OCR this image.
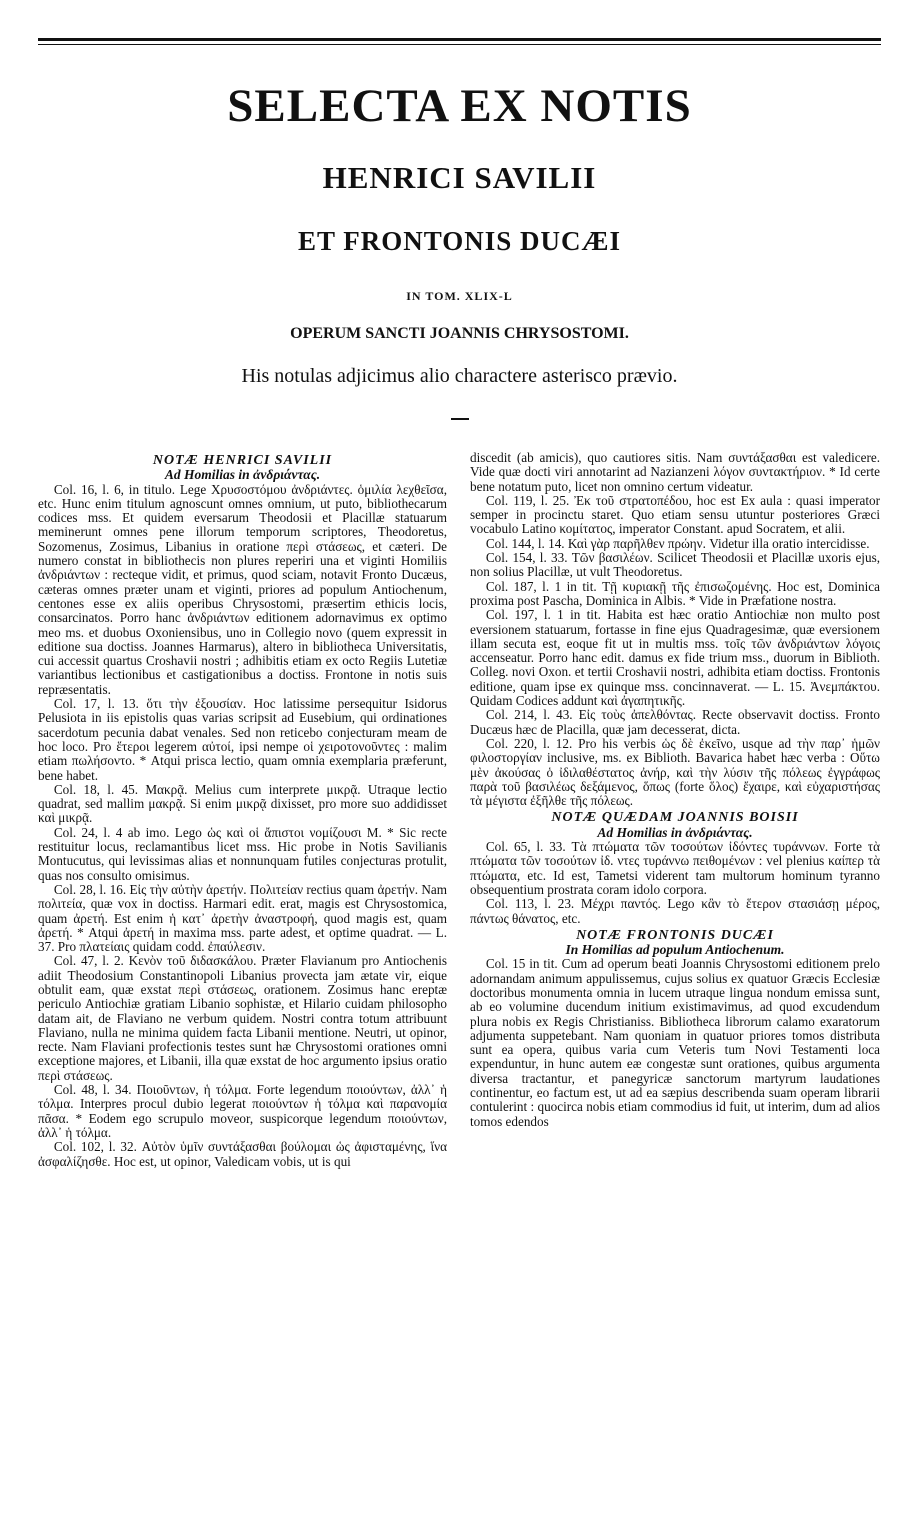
SELECTA EX NOTIS
HENRICI SAVILII
ET FRONTONIS DUCÆI
IN TOM. XLIX-L
OPERUM SANCTI JOANNIS CHRYSOSTOMI.
His notulas adjicimus alio charactere asterisco prævio.
NOTÆ HENRICI SAVILII
Ad Homilias in ἀνδριάντας.

Col. 16, l. 6, in titulo. Lege Χρυσοστόμου ἀνδριάντες. ὁμιλία λεχθεῖσα, etc. Hunc enim titulum agnoscunt omnes omnium, ut puto, bibliothecarum codices mss. Et quidem eversarum Theodosii et Placillæ statuarum meminerunt omnes pene illorum temporum scriptores, Theodoretus, Sozomenus, Zosimus, Libanius in oratione περὶ στάσεως, et cæteri. De numero constat in bibliothecis non plures reperiri una et viginti Homiliis ἀνδριάντων : recteque vidit, et primus, quod sciam, notavit Fronto Ducæus, cæteras omnes præter unam et viginti, priores ad populum Antiochenum, centones esse ex aliis operibus Chrysostomi, præsertim ethicis locis, consarcinatos. Porro hanc ἀνδριάντων editionem adornavimus ex optimo meo ms. et duobus Oxoniensibus, uno in Collegio novo (quem expressit in editione sua doctiss. Joannes Harmarus), altero in bibliotheca Universitatis, cui accessit quartus Croshavii nostri ; adhibitis etiam ex octo Regiis Lutetiæ variantibus lectionibus et castigationibus a doctiss. Frontone in notis suis repræsentatis.

Col. 17, l. 13. ὅτι τὴν ἐξουσίαν. Hoc latissime persequitur Isidorus Pelusiota in iis epistolis quas varias scripsit ad Eusebium, qui ordinationes sacerdotum pecunia dabat venales. Sed non reticebo conjecturam meam de hoc loco. Pro ἕτεροι legerem αὐτοί, ipsi nempe οἱ χειροτονοῦντες : malim etiam πωλήσοντο. * Atqui prisca lectio, quam omnia exemplaria præferunt, bene habet.

Col. 18, l. 45. Μακρᾷ. Melius cum interprete μικρᾷ. Utraque lectio quadrat, sed mallim μακρᾷ. Si enim μικρᾷ dixisset, pro more suo addidisset καὶ μικρᾷ.

Col. 24, l. 4 ab imo. Lego ὡς καὶ οἱ ἄπιστοι νομίζουσι M. * Sic recte restituitur locus, reclamantibus licet mss. Hic probe in Notis Savilianis Montucutus, qui levissimas alias et nonnunquam futiles conjecturas protulit, quas nos consulto omisimus.

Col. 28, l. 16. Εἰς τὴν αὐτὴν ἀρετήν. Πολιτείαν rectius quam ἀρετήν. Nam πολιτεία, quæ vox in doctiss. Harmari edit. erat, magis est Chrysostomica, quam ἀρετή. Est enim ἡ κατ᾽ ἀρετὴν ἀναστροφή, quod magis est, quam ἀρετή. * Atqui ἀρετή in maxima mss. parte adest, et optime quadrat. — L. 37. Pro πλατείαις quidam codd. ἐπαύλεσιν.

Col. 47, l. 2. Κενὸν τοῦ διδασκάλου. Præter Flavianum pro Antiochenis adiit Theodosium Constantinopoli Libanius provecta jam ætate vir, eique obtulit eam, quæ exstat περὶ στάσεως, orationem. Zosimus hanc ereptæ periculo Antiochiæ gratiam Libanio sophistæ, et Hilario cuidam philosopho datam ait, de Flaviano ne verbum quidem. Nostri contra totum attribuunt Flaviano, nulla ne minima quidem facta Libanii mentione. Neutri, ut opinor, recte. Nam Flaviani profectionis testes sunt hæ Chrysostomi orationes omni exceptione majores, et Libanii, illa quæ exstat de hoc argumento ipsius oratio περὶ στάσεως.

Col. 48, l. 34. Ποιοῦντων, ἡ τόλμα. Forte legendum ποιούντων, ἀλλ᾽ ἡ τόλμα. Interpres procul dubio legerat ποιούντων ἡ τόλμα καὶ παρανομία πᾶσα. * Eodem ego scrupulo moveor, suspicorque legendum ποιούντων, ἀλλ᾽ ἡ τόλμα.

Col. 102, l. 32. Αὐτὸν ὑμῖν συντάξασθαι βούλομαι ὡς ἀφισταμένης, ἵνα ἀσφαλίζησθε. Hoc est, ut opinor, Valedicam vobis, ut is qui

discedit (ab amicis), quo cautiores sitis. Nam συντάξασθαι est valedicere. Vide quæ docti viri annotarint ad Nazianzeni λόγον συντακτήριον. * Id certe bene notatum puto, licet non omnino certum videatur.

Col. 119, l. 25. Ἐκ τοῦ στρατοπέδου, hoc est Ex aula : quasi imperator semper in procinctu staret. Quo etiam sensu utuntur posteriores Græci vocabulo Latino κομίτατος, imperator Constant. apud Socratem, et alii.

Col. 144, l. 14. Καὶ γὰρ παρῆλθεν πρώην. Videtur illa oratio intercidisse.

Col. 154, l. 33. Τῶν βασιλέων. Scilicet Theodosii et Placillæ uxoris ejus, non solius Placillæ, ut vult Theodoretus.

Col. 187, l. 1 in tit. Τῇ κυριακῇ τῆς ἐπισωζομένης. Hoc est, Dominica proxima post Pascha, Dominica in Albis. * Vide in Præfatione nostra.

Col. 197, l. 1 in tit. Habita est hæc oratio Antiochiæ non multo post eversionem statuarum, fortasse in fine ejus Quadragesimæ, quæ eversionem illam secuta est, eoque fit ut in multis mss. τοῖς τῶν ἀνδριάντων λόγοις accenseatur. Porro hanc edit. damus ex fide trium mss., duorum in Biblioth. Colleg. novi Oxon. et tertii Croshavii nostri, adhibita etiam doctiss. Frontonis editione, quam ipse ex quinque mss. concinnaverat. — L. 15. Ἀνεμπάκτου. Quidam Codices addunt καὶ ἀγαπητικῆς.

Col. 214, l. 43. Εἰς τοὺς ἀπελθόντας. Recte observavit doctiss. Fronto Ducæus hæc de Placilla, quæ jam decesserat, dicta.

Col. 220, l. 12. Pro his verbis ὡς δὲ ἐκεῖνο, usque ad τὴν παρ᾽ ἡμῶν φιλοστοργίαν inclusive, ms. ex Biblioth. Bavarica habet hæc verba : Οὕτω μὲν ἀκούσας ὁ ἰδιλαθέστατος ἀνήρ, καὶ τὴν λύσιν τῆς πόλεως ἐγγράφως παρὰ τοῦ βασιλέως δεξάμενος, ὅπως (forte ὅλος) ἔχαιρε, καὶ εὐχαριστήσας τὰ μέγιστα ἐξῆλθε τῆς πόλεως.

NOTÆ QUÆDAM JOANNIS BOISII
Ad Homilias in ἀνδριάντας.

Col. 65, l. 33. Τὰ πτώματα τῶν τοσούτων ἰδόντες τυράννων. Forte τὰ πτώματα τῶν τοσούτων ἰδ. ντες τυράννω πειθομένων : vel plenius καίπερ τὰ πτώματα, etc. Id est, Tametsi viderent tam multorum hominum tyranno obsequentium prostrata coram idolo corpora.

Col. 113, l. 23. Μέχρι παντός. Lego κἂν τὸ ἕτερον στασιάσῃ μέρος, πάντως θάνατος, etc.

NOTÆ FRONTONIS DUCÆI
In Homilias ad populum Antiochenum.

Col. 15 in tit. Cum ad operum beati Joannis Chrysostomi editionem prelo adornandam animum appulissemus, cujus solius ex quatuor Græcis Ecclesiæ doctoribus monumenta omnia in lucem utraque lingua nondum emissa sunt, ab eo volumine ducendum initium existimavimus, ad quod excudendum plura nobis ex Regis Christianiss. Bibliotheca librorum calamo exaratorum adjumenta suppetebant. Nam quoniam in quatuor priores tomos distributa sunt ea opera, quibus varia cum Veteris tum Novi Testamenti loca expenduntur, in hunc autem eæ congestæ sunt orationes, quibus argumenta diversa tractantur, et panegyricæ sanctorum martyrum laudationes continentur, eo factum est, ut ad ea sæpius describenda suam operam librarii contulerint : quocirca nobis etiam commodius id fuit, ut interim, dum ad alios tomos edendos
